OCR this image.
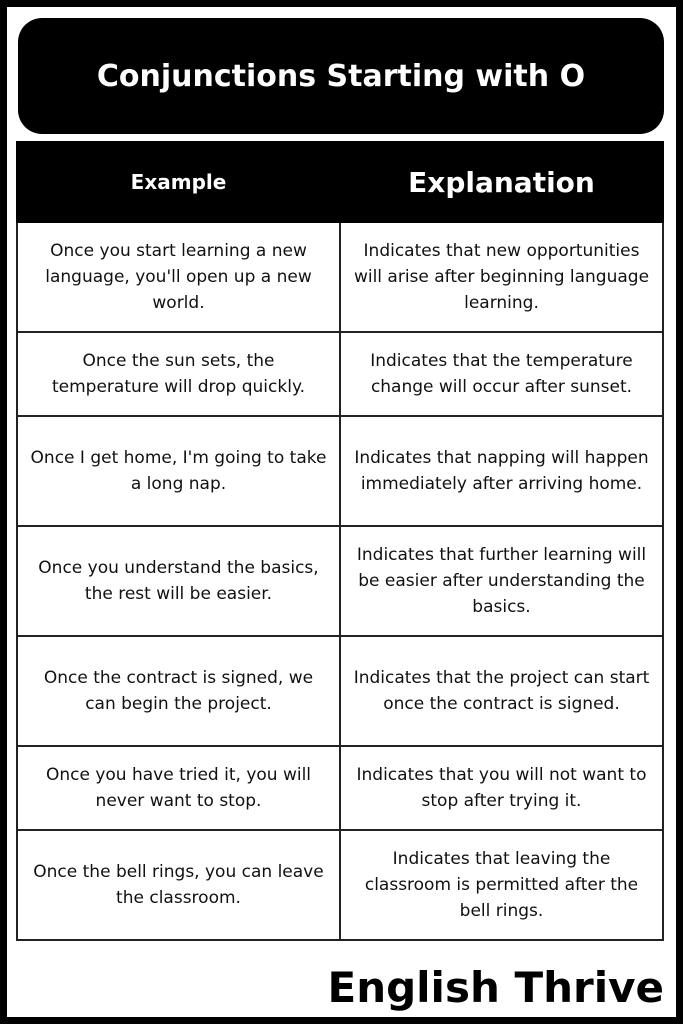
Conjunctions Starting with O
Example	Explanation
Once you start learning a new language, you'll open up a new world.	Indicates that new opportunities will arise after beginning language learning.
Once the sun sets, the temperature will drop quickly.	Indicates that the temperature change will occur after sunset.
Once I get home, I'm going to take a long nap.	Indicates that napping will happen immediately after arriving home.
Once you understand the basics, the rest will be easier.	Indicates that further learning will be easier after understanding the basics.
Once the contract is signed, we can begin the project.	Indicates that the project can start once the contract is signed.
Once you have tried it, you will never want to stop.	Indicates that you will not want to stop after trying it.
Once the bell rings, you can leave the classroom.	Indicates that leaving the classroom is permitted after the bell rings.
English Thrive
